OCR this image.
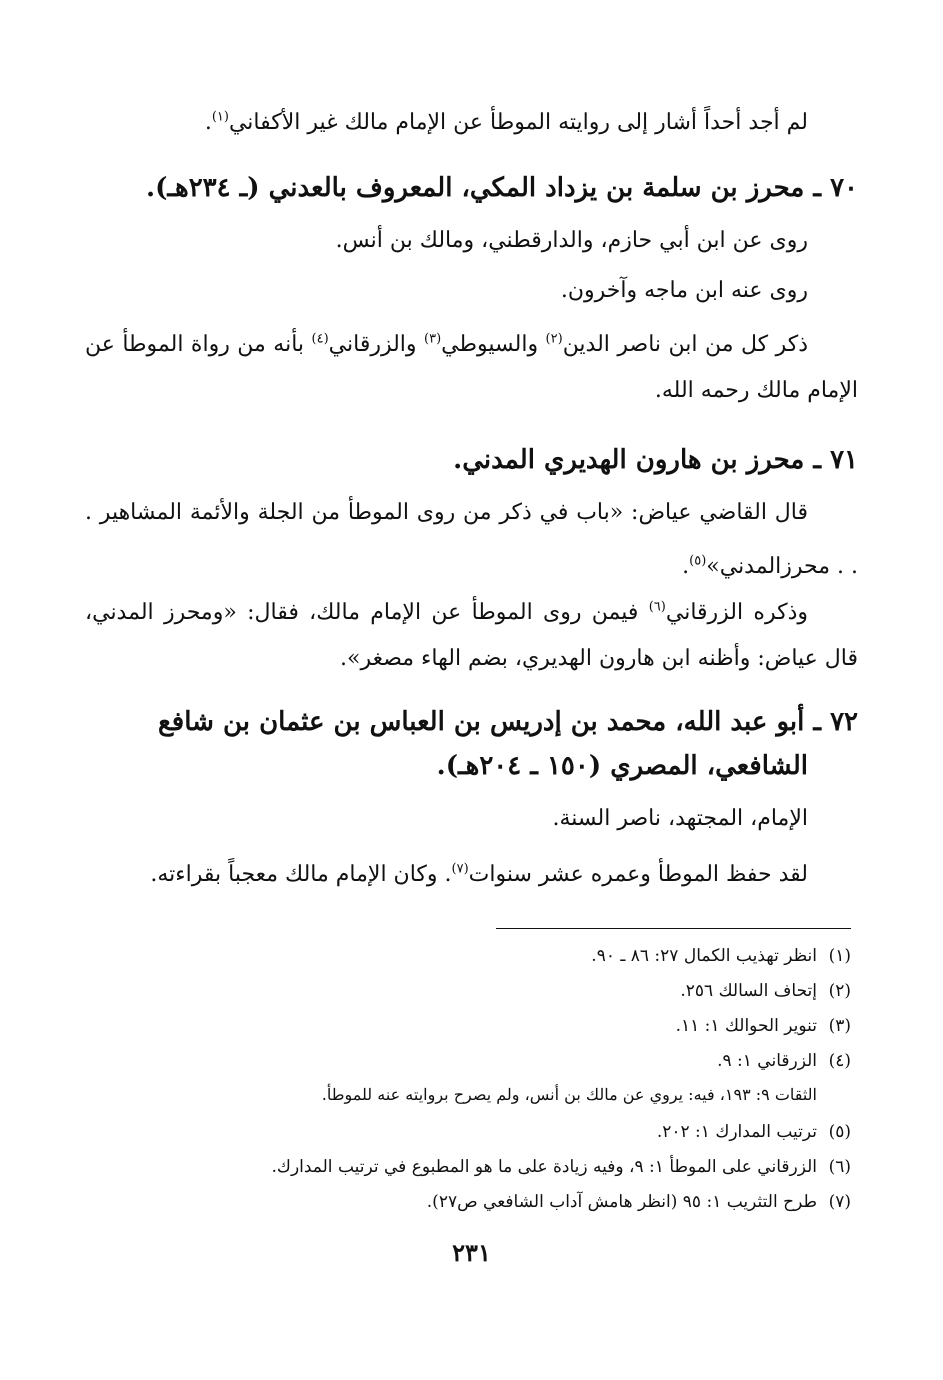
لم أجد أحداً أشار إلى روايته الموطأ عن الإمام مالك غير الأكفاني$^{(١)}$.
٧٠ ـ محرز بن سلمة بن يزداد المكي، المعروف بالعدني (ـ ٢٣٤هـ).
روى عن ابن أبي حازم، والدارقطني، ومالك بن أنس.
روى عنه ابن ماجه وآخرون.
ذكر كل من ابن ناصر الدين$^{(٢)}$ والسيوطي$^{(٣)}$ والزرقاني$^{(٤)}$ بأنه من رواة الموطأ عن الإمام مالك رحمه الله.
٧١ ـ محرز بن هارون الهديري المدني.
قال القاضي عياض: «باب في ذكر من روى الموطأ من الجلة والأئمة المشاهير . . . محرزالمدني»$^{(٥)}$.
وذكره الزرقاني$^{(٦)}$ فيمن روى الموطأ عن الإمام مالك، فقال: «ومحرز المدني، قال عياض: وأظنه ابن هارون الهديري، بضم الهاء مصغر».
٧٢ ـ أبو عبد الله، محمد بن إدريس بن العباس بن عثمان بن شافع
الشافعي، المصري (١٥٠ ـ ٢٠٤هـ).
الإمام، المجتهد، ناصر السنة.
لقد حفظ الموطأ وعمره عشر سنوات$^{(٧)}$. وكان الإمام مالك معجباً بقراءته.
(١)انظر تهذيب الكمال ٢٧: ٨٦ ـ ٩٠.
(٢)إتحاف السالك ٢٥٦.
(٣)تنوير الحوالك ١: ١١.
(٤)الزرقاني ١: ٩.
الثقات ٩: ١٩٣، فيه: يروي عن مالك بن أنس، ولم يصرح بروايته عنه للموطأ.
(٥)ترتيب المدارك ١: ٢٠٢.
(٦)الزرقاني على الموطأ ١: ٩، وفيه زيادة على ما هو المطبوع في ترتيب المدارك.
(٧)طرح التثريب ١: ٩٥ (انظر هامش آداب الشافعي ص٢٧).
٢٣١
